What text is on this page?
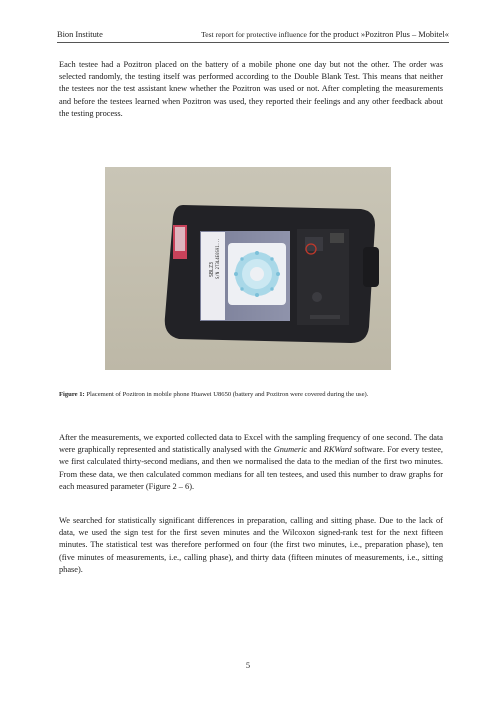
Bion Institute	Test report for protective influence for the product »Pozitron Plus – Mobitel«
Each testee had a Pozitron placed on the battery of a mobile phone one day but not the other. The order was selected randomly, the testing itself was performed according to the Double Blank Test. This means that neither the testees nor the test assistant knew whether the Pozitron was used or not. After completing the measurements and before the testees learned when Pozitron was used, they reported their feelings and any other feedback about the testing process.
SBLZ3 S/N 2T3L4E0S91...
Figure 1: Placement of Pozitron in mobile phone Huawei U8650 (battery and Pozitron were covered during the use).
After the measurements, we exported collected data to Excel with the sampling frequency of one second. The data were graphically represented and statistically analysed with the Gnumeric and RKWard software. For every testee, we first calculated thirty-second medians, and then we normalised the data to the median of the first two minutes. From these data, we then calculated common medians for all ten testees, and used this number to draw graphs for each measured parameter (Figure 2 – 6).
We searched for statistically significant differences in preparation, calling and sitting phase. Due to the lack of data, we used the sign test for the first seven minutes and the Wilcoxon signed-rank test for the next fifteen minutes. The statistical test was therefore performed on four (the first two minutes, i.e., preparation phase), ten (five minutes of measurements, i.e., calling phase), and thirty data (fifteen minutes of measurements, i.e., sitting phase).
5
